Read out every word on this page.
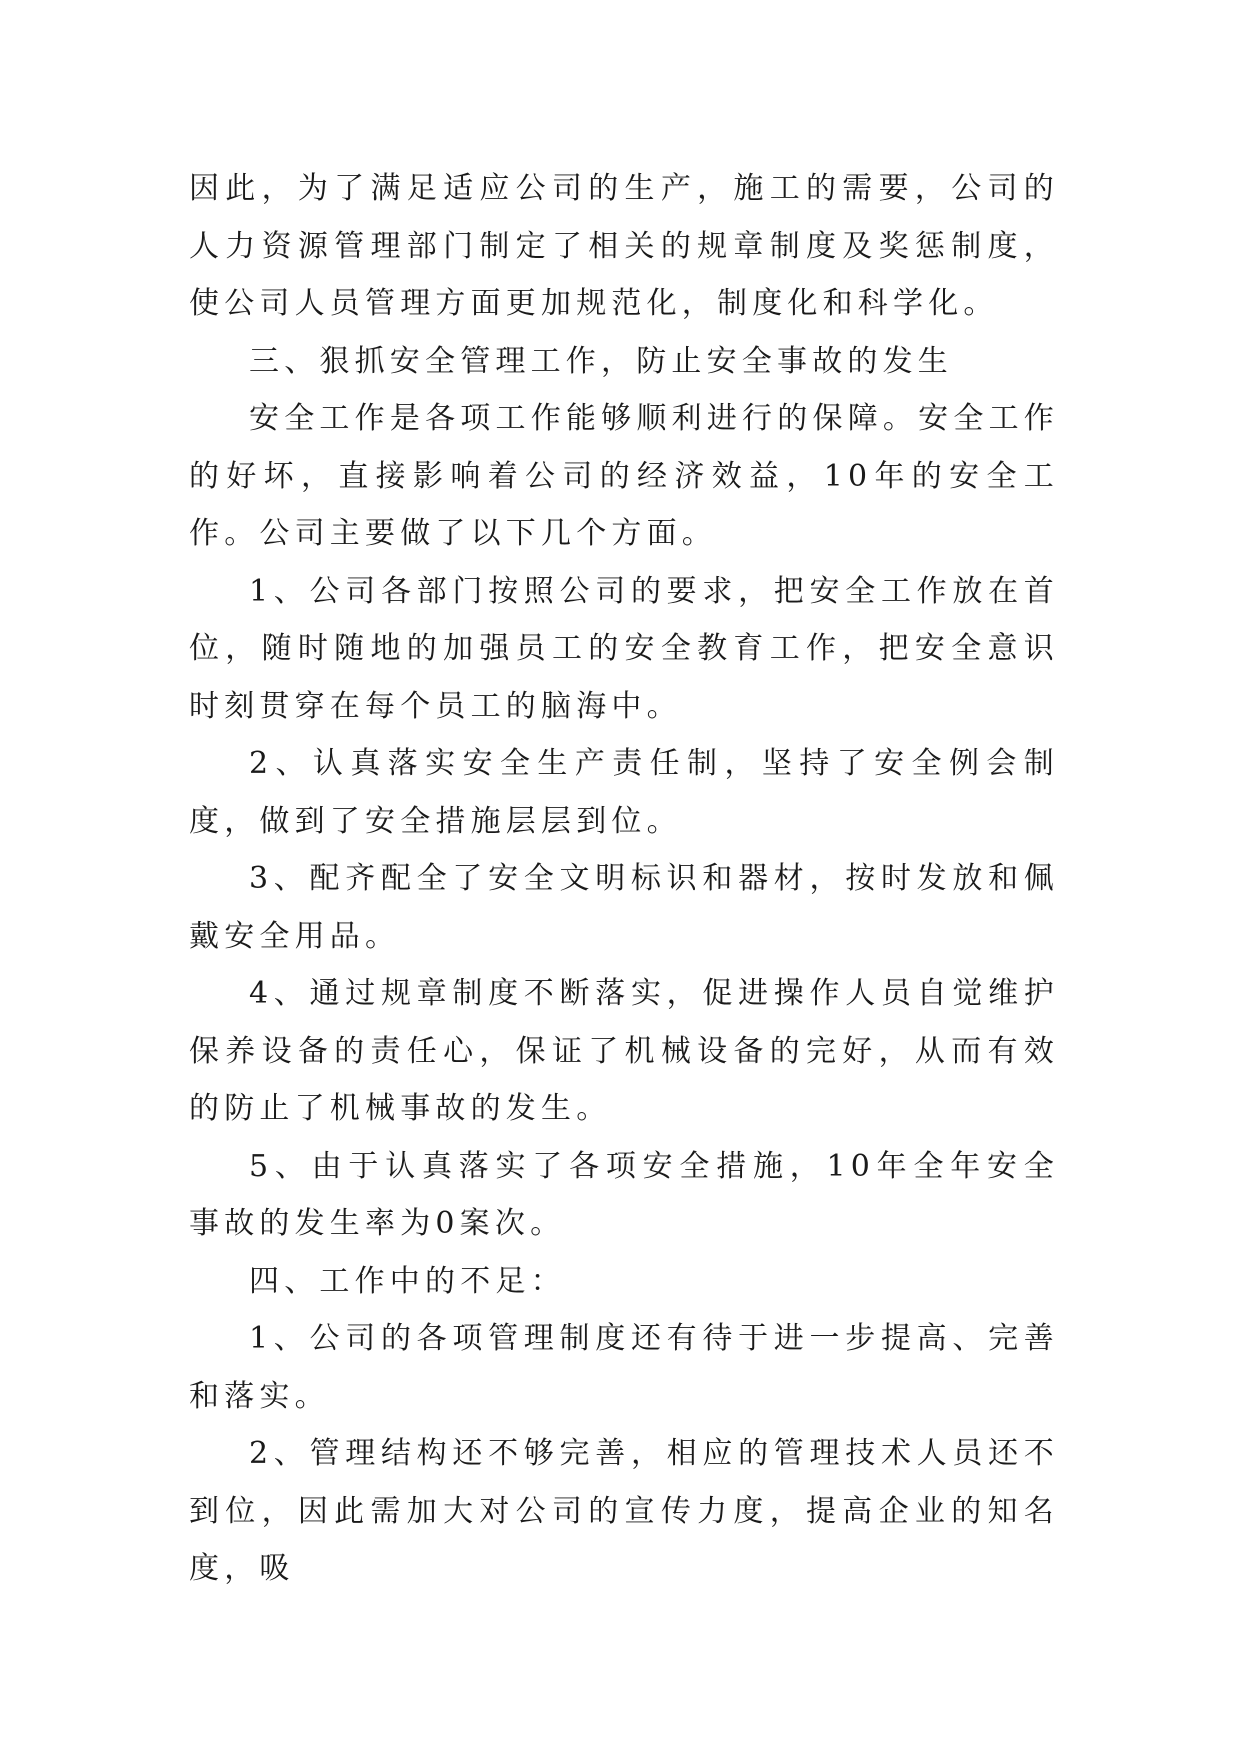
因此，为了满足适应公司的生产，施工的需要，公司的人力资源管理部门制定了相关的规章制度及奖惩制度，使公司人员管理方面更加规范化，制度化和科学化。

三、狠抓安全管理工作，防止安全事故的发生

安全工作是各项工作能够顺利进行的保障。安全工作的好坏，直接影响着公司的经济效益，10年的安全工作。公司主要做了以下几个方面。

1、公司各部门按照公司的要求，把安全工作放在首位，随时随地的加强员工的安全教育工作，把安全意识时刻贯穿在每个员工的脑海中。

2、认真落实安全生产责任制，坚持了安全例会制度，做到了安全措施层层到位。

3、配齐配全了安全文明标识和器材，按时发放和佩戴安全用品。

4、通过规章制度不断落实，促进操作人员自觉维护保养设备的责任心，保证了机械设备的完好，从而有效的防止了机械事故的发生。

5、由于认真落实了各项安全措施，10年全年安全事故的发生率为0案次。

四、工作中的不足：

1、公司的各项管理制度还有待于进一步提高、完善和落实。

2、管理结构还不够完善，相应的管理技术人员还不到位，因此需加大对公司的宣传力度，提高企业的知名度，吸
